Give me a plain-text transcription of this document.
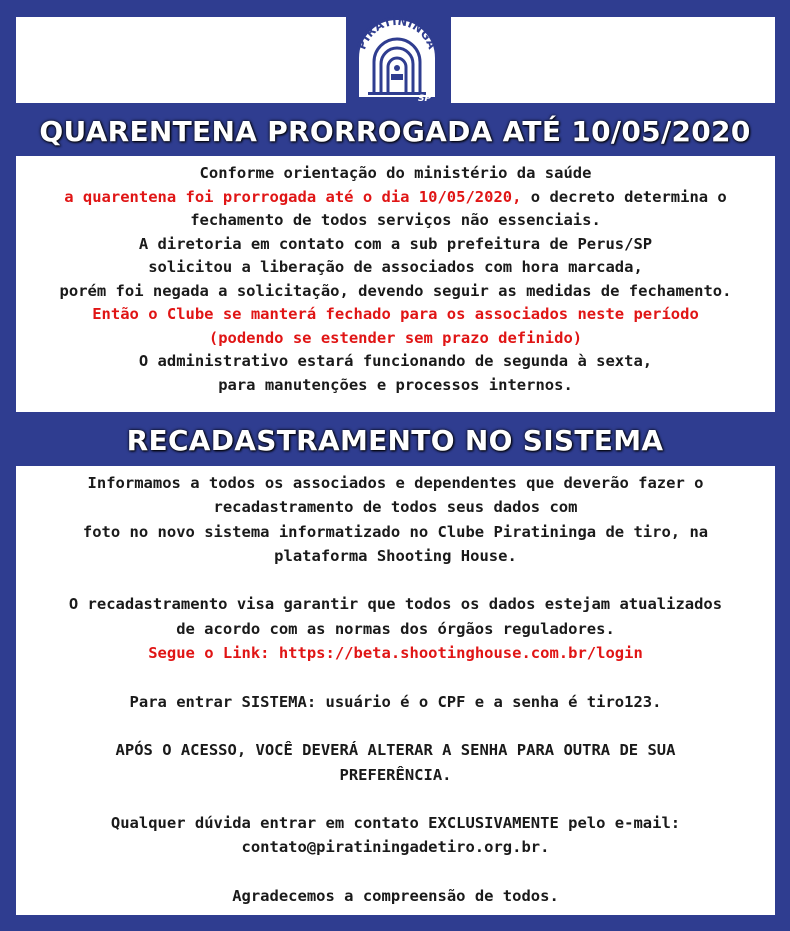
PIRATININGA
SP
QUARENTENA PRORROGADA ATÉ 10/05/2020
Conforme orientação do ministério da saúde
a quarentena foi prorrogada até o dia 10/05/2020, o decreto determina o
fechamento de todos serviços não essenciais.
A diretoria em contato com a sub prefeitura de Perus/SP
solicitou a liberação de associados com hora marcada,
porém foi negada a solicitação, devendo seguir as medidas de fechamento.
Então o Clube se manterá fechado para os associados neste período
(podendo se estender sem prazo definido)
O administrativo estará funcionando de segunda à sexta,
para manutenções e processos internos.
RECADASTRAMENTO NO SISTEMA
Informamos a todos os associados e dependentes que deverão fazer o
recadastramento de todos seus dados com
foto no novo sistema informatizado no Clube Piratininga de tiro, na
plataforma Shooting House.
O recadastramento visa garantir que todos os dados estejam atualizados
de acordo com as normas dos órgãos reguladores.
Segue o Link: https://beta.shootinghouse.com.br/login
Para entrar SISTEMA: usuário é o CPF e a senha é tiro123.
APÓS O ACESSO, VOCÊ DEVERÁ ALTERAR A SENHA PARA OUTRA DE SUA
PREFERÊNCIA.
Qualquer dúvida entrar em contato EXCLUSIVAMENTE pelo e-mail:
contato@piratiningadetiro.org.br.
Agradecemos a compreensão de todos.
